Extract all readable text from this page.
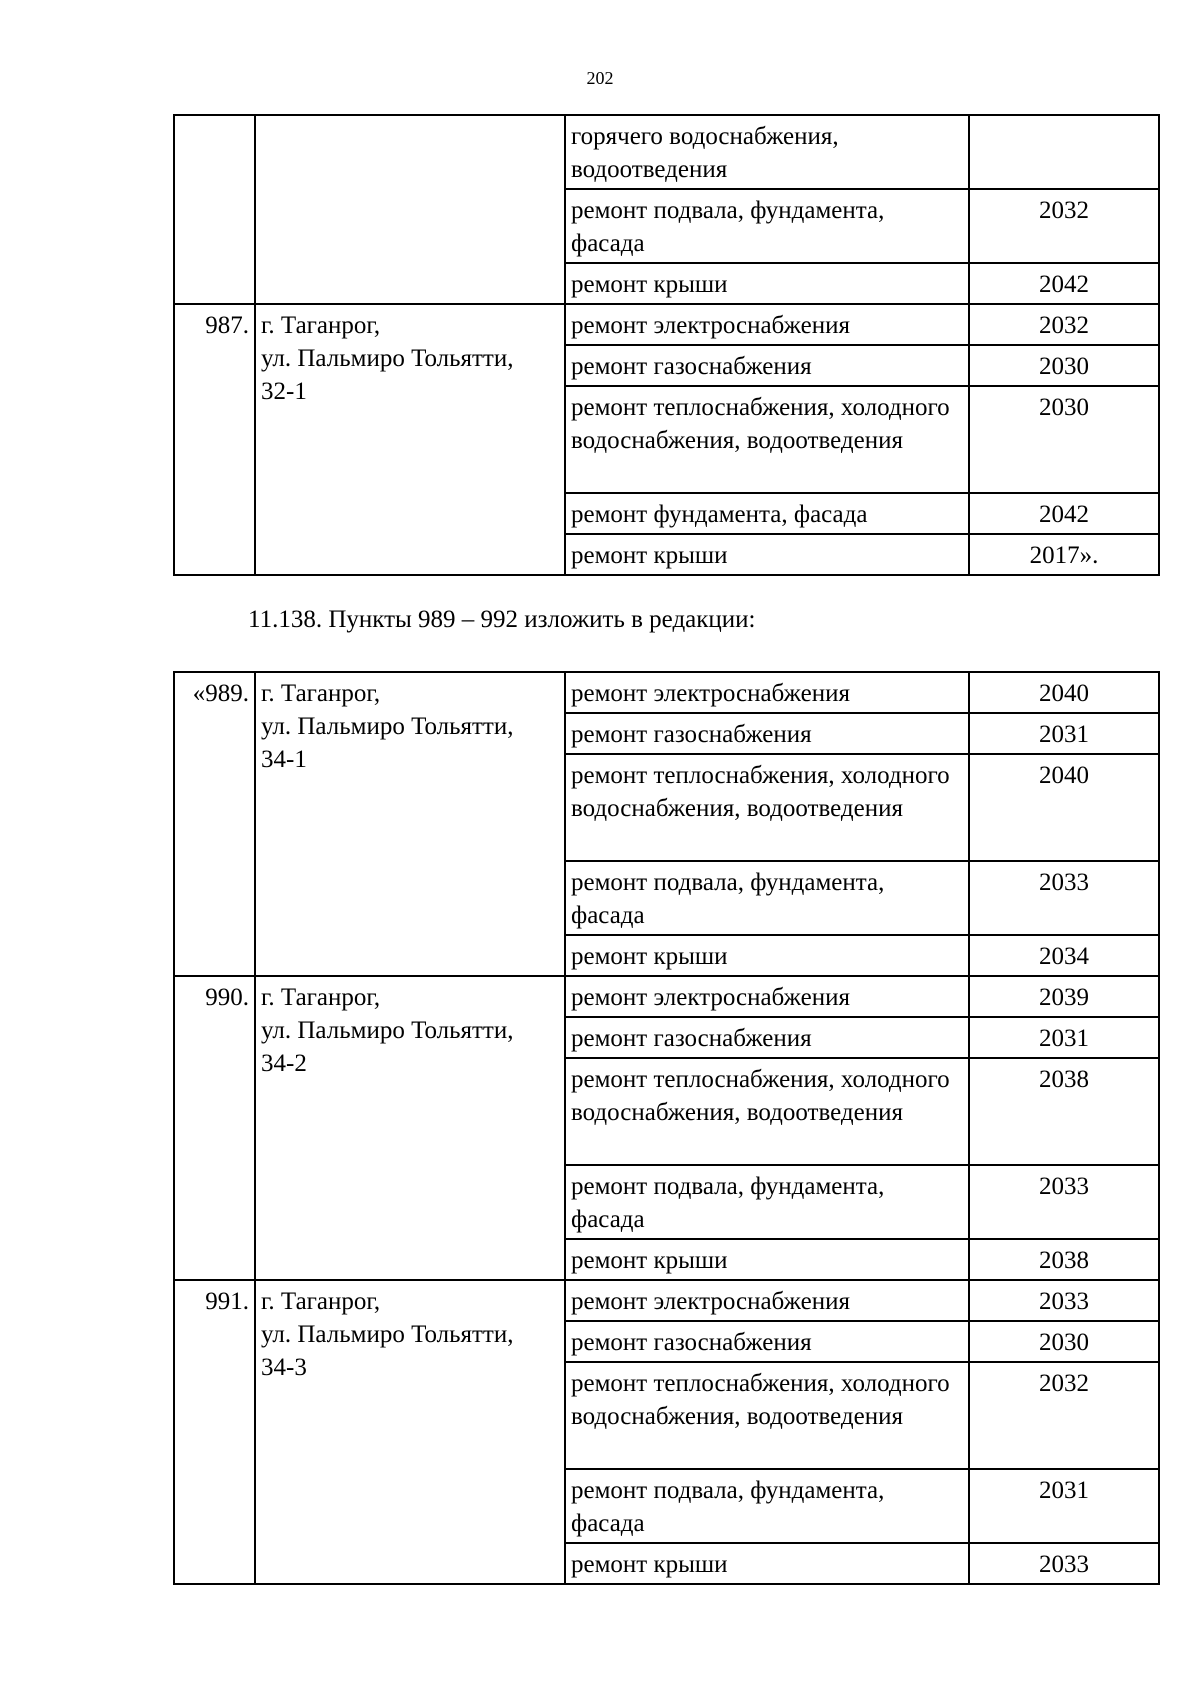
202
		горячего водоснабжения, водоотведения	
		ремонт подвала, фундамента, фасада	2032
		ремонт крыши	2042
987.	г. Таганрог,
ул. Пальмиро Тольятти,
32-1	ремонт электроснабжения	2032
		ремонт газоснабжения	2030
		ремонт теплоснабжения, холодного водоснабжения, водоотведения	2030
		ремонт фундамента, фасада	2042
		ремонт крыши	2017».
11.138. Пункты 989 – 992 изложить в редакции:
«989.	г. Таганрог,
ул. Пальмиро Тольятти,
34-1	ремонт электроснабжения	2040
		ремонт газоснабжения	2031
		ремонт теплоснабжения, холодного водоснабжения, водоотведения	2040
		ремонт подвала, фундамента, фасада	2033
		ремонт крыши	2034
990.	г. Таганрог,
ул. Пальмиро Тольятти,
34-2	ремонт электроснабжения	2039
		ремонт газоснабжения	2031
		ремонт теплоснабжения, холодного водоснабжения, водоотведения	2038
		ремонт подвала, фундамента, фасада	2033
		ремонт крыши	2038
991.	г. Таганрог,
ул. Пальмиро Тольятти,
34-3	ремонт электроснабжения	2033
		ремонт газоснабжения	2030
		ремонт теплоснабжения, холодного водоснабжения, водоотведения	2032
		ремонт подвала, фундамента, фасада	2031
		ремонт крыши	2033
